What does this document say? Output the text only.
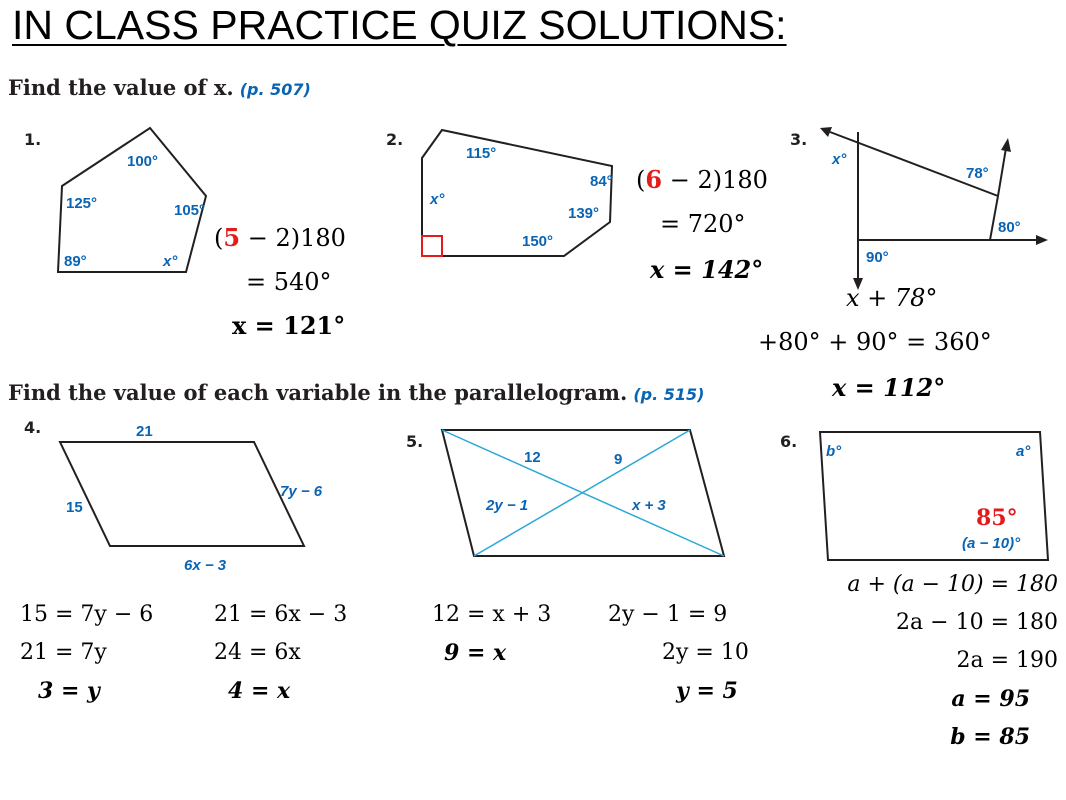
IN CLASS PRACTICE QUIZ SOLUTIONS:
Find the value of x. (p. 507)
Find the value of each variable in the parallelogram. (p. 515)
1.	2.	3.
4.
5.	6.
100°
125°	105°
89°	x°
115°
x°
84°
139°
150°
x°
78°
80°
90°
21
15
7y − 6
6x − 3
12	9
2y − 1	x + 3
b°	a°
(a − 10)°
(5 − 2)180
= 540°
x = 121°
(6 − 2)180
= 720°
x = 142°
x + 78°
+80° + 90° = 360°
x = 112°
15 = 7y − 6
21 = 7y
3 = y
21 = 6x − 3
24 = 6x
4 = x
12 = x + 3
9 = x
2y − 1 = 9
2y = 10
y = 5
85°
a + (a − 10) = 180
2a − 10 = 180
2a = 190
a = 95
b = 85
